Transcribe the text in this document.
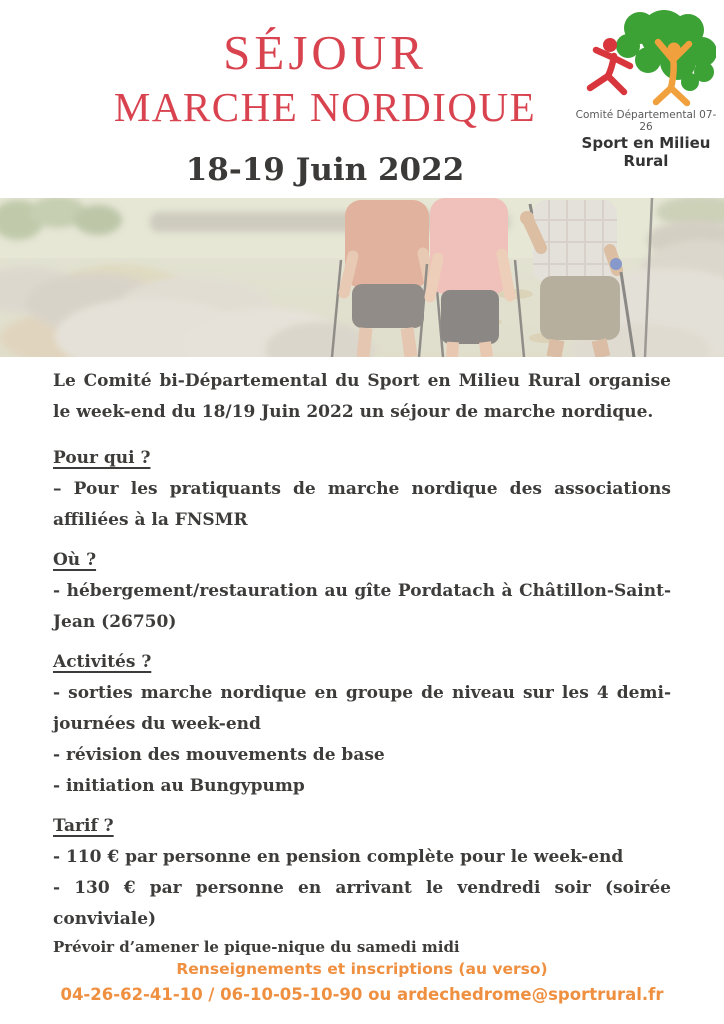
SÉJOUR
MARCHE NORDIQUE	Comité Départemental 07-26
Sport en Milieu Rural
18-19 Juin 2022

Le Comité bi-Départemental du Sport en Milieu Rural organise le week-end du 18/19 Juin 2022 un séjour de marche nordique.

Pour qui ?

– Pour les pratiquants de marche nordique des associations affiliées à la FNSMR

Où ?

- hébergement/restauration au gîte Pordatach à Châtillon-Saint-Jean (26750)

Activités ?

- sorties marche nordique en groupe de niveau sur les 4 demi-journées du week-end

- révision des mouvements de base

- initiation au Bungypump

Tarif ?

- 110 € par personne en pension complète pour le week-end

- 130 € par personne en arrivant le vendredi soir (soirée conviviale)

Prévoir d’amener le pique-nique du samedi midi

Renseignements et inscriptions (au verso)
04-26-62-41-10 / 06-10-05-10-90 ou ardechedrome@sportrural.fr
